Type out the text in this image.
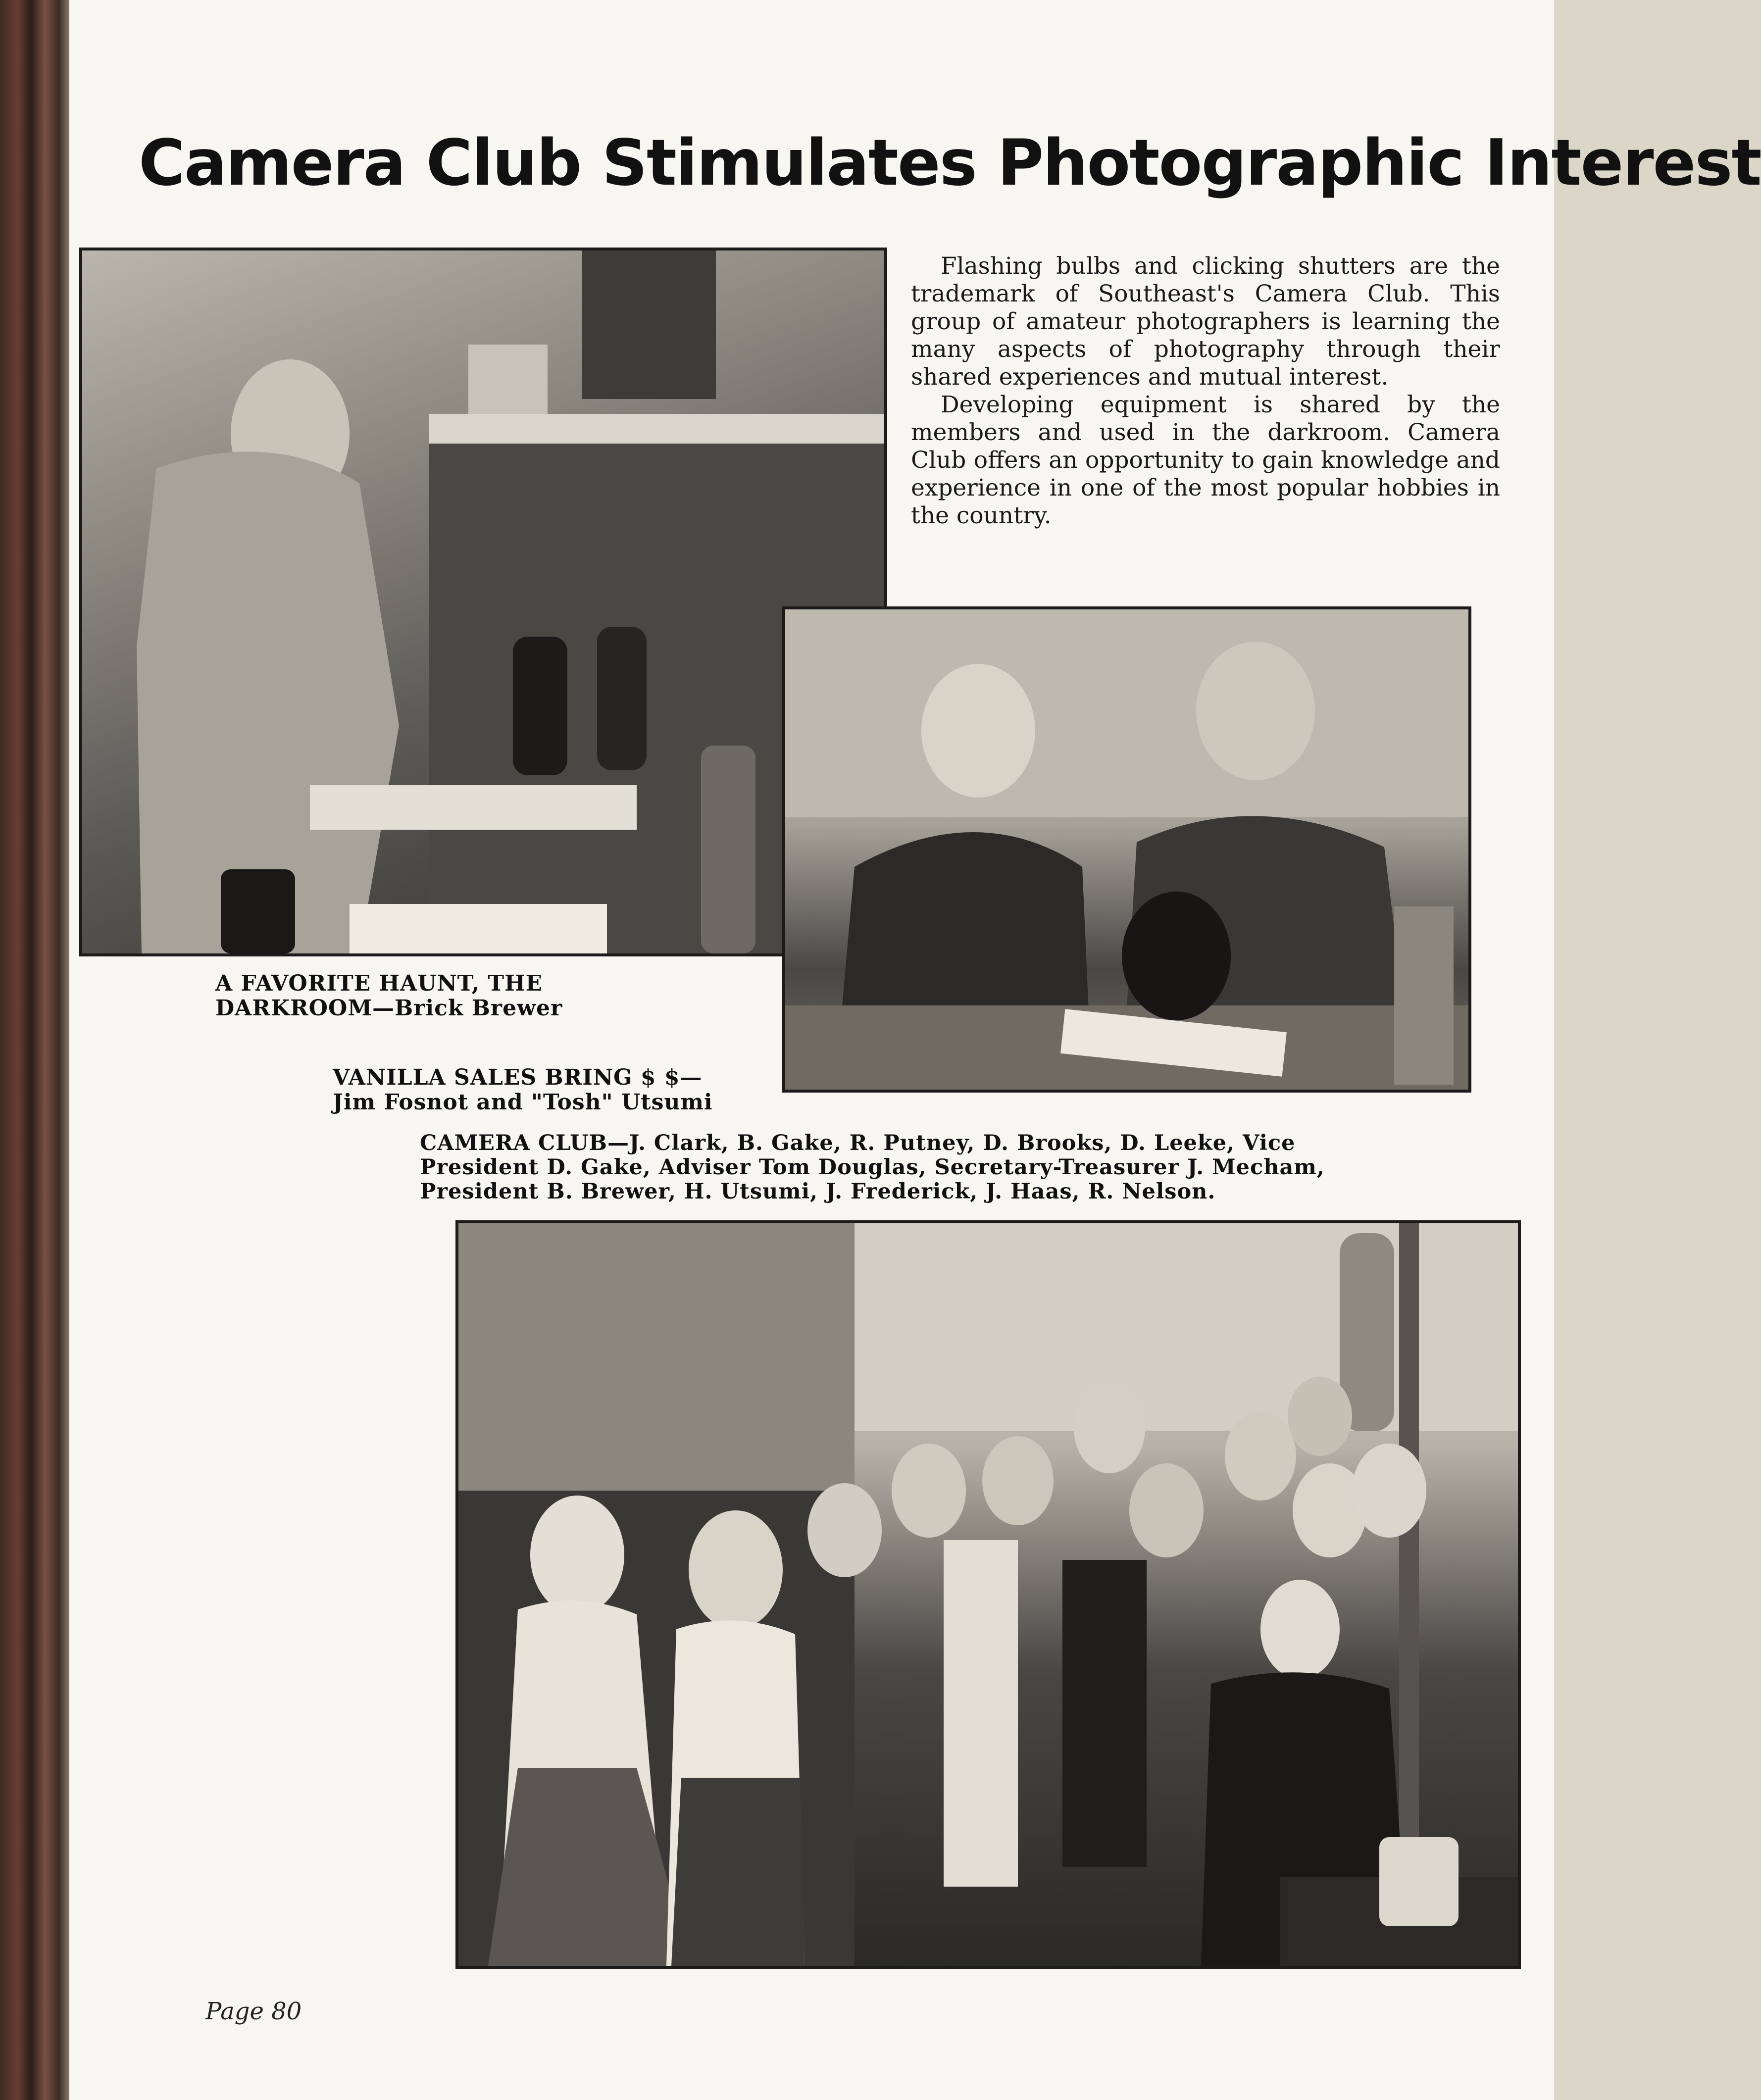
Camera Club Stimulates Photographic Interest

Flashing bulbs and clicking shutters are the trademark of Southeast's Camera Club. This group of amateur photographers is learning the many aspects of photography through their shared experiences and mutual interest.

Developing equipment is shared by the members and used in the darkroom. Camera Club offers an opportunity to gain knowledge and experience in one of the most popular hobbies in the country.

A FAVORITE HAUNT, THE
DARKROOM—Brick Brewer
VANILLA SALES BRING $ $—
Jim Fosnot and "Tosh" Utsumi
CAMERA CLUB—J. Clark, B. Gake, R. Putney, D. Brooks, D. Leeke, Vice
President D. Gake, Adviser Tom Douglas, Secretary-Treasurer J. Mecham,
President B. Brewer, H. Utsumi, J. Frederick, J. Haas, R. Nelson.
Page 80
